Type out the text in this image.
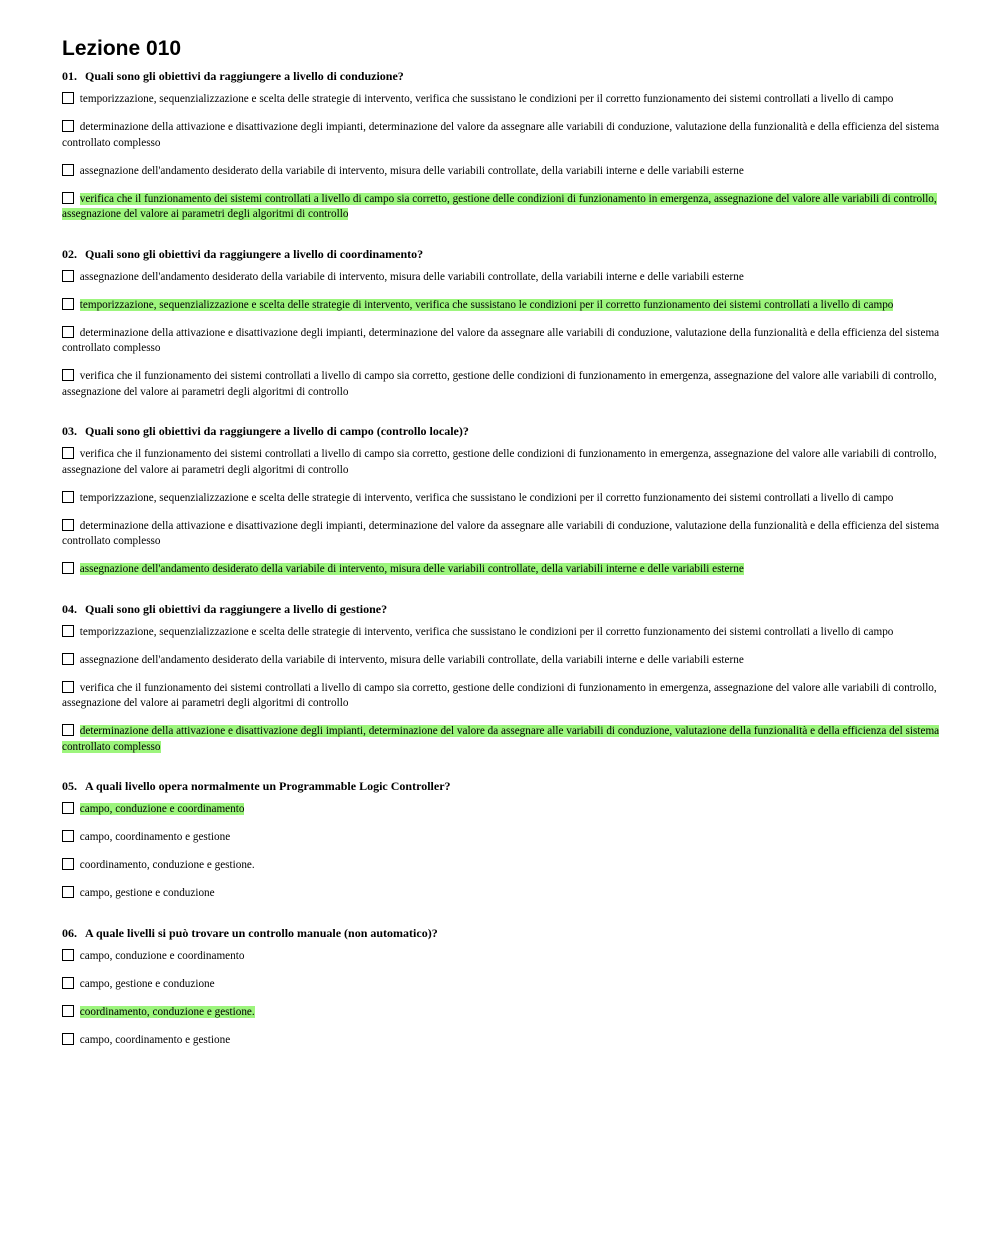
Lezione 010
01. Quali sono gli obiettivi da raggiungere a livello di conduzione?
temporizzazione, sequenzializzazione e scelta delle strategie di intervento, verifica che sussistano le condizioni per il corretto funzionamento dei sistemi controllati a livello di campo
determinazione della attivazione e disattivazione degli impianti, determinazione del valore da assegnare alle variabili di conduzione, valutazione della funzionalità e della efficienza del sistema controllato complesso
assegnazione dell'andamento desiderato della variabile di intervento, misura delle variabili controllate, della variabili interne e delle variabili esterne
verifica che il funzionamento dei sistemi controllati a livello di campo sia corretto, gestione delle condizioni di funzionamento in emergenza, assegnazione del valore alle variabili di controllo, assegnazione del valore ai parametri degli algoritmi di controllo
02. Quali sono gli obiettivi da raggiungere a livello di coordinamento?
assegnazione dell'andamento desiderato della variabile di intervento, misura delle variabili controllate, della variabili interne e delle variabili esterne
temporizzazione, sequenzializzazione e scelta delle strategie di intervento, verifica che sussistano le condizioni per il corretto funzionamento dei sistemi controllati a livello di campo
determinazione della attivazione e disattivazione degli impianti, determinazione del valore da assegnare alle variabili di conduzione, valutazione della funzionalità e della efficienza del sistema controllato complesso
verifica che il funzionamento dei sistemi controllati a livello di campo sia corretto, gestione delle condizioni di funzionamento in emergenza, assegnazione del valore alle variabili di controllo, assegnazione del valore ai parametri degli algoritmi di controllo
03. Quali sono gli obiettivi da raggiungere a livello di campo (controllo locale)?
verifica che il funzionamento dei sistemi controllati a livello di campo sia corretto, gestione delle condizioni di funzionamento in emergenza, assegnazione del valore alle variabili di controllo, assegnazione del valore ai parametri degli algoritmi di controllo
temporizzazione, sequenzializzazione e scelta delle strategie di intervento, verifica che sussistano le condizioni per il corretto funzionamento dei sistemi controllati a livello di campo
determinazione della attivazione e disattivazione degli impianti, determinazione del valore da assegnare alle variabili di conduzione, valutazione della funzionalità e della efficienza del sistema controllato complesso
assegnazione dell'andamento desiderato della variabile di intervento, misura delle variabili controllate, della variabili interne e delle variabili esterne
04. Quali sono gli obiettivi da raggiungere a livello di gestione?
temporizzazione, sequenzializzazione e scelta delle strategie di intervento, verifica che sussistano le condizioni per il corretto funzionamento dei sistemi controllati a livello di campo
assegnazione dell'andamento desiderato della variabile di intervento, misura delle variabili controllate, della variabili interne e delle variabili esterne
verifica che il funzionamento dei sistemi controllati a livello di campo sia corretto, gestione delle condizioni di funzionamento in emergenza, assegnazione del valore alle variabili di controllo, assegnazione del valore ai parametri degli algoritmi di controllo
determinazione della attivazione e disattivazione degli impianti, determinazione del valore da assegnare alle variabili di conduzione, valutazione della funzionalità e della efficienza del sistema controllato complesso
05. A quali livello opera normalmente un Programmable Logic Controller?
campo, conduzione e coordinamento
campo, coordinamento e gestione
coordinamento, conduzione e gestione.
campo, gestione e conduzione
06. A quale livelli si può trovare un controllo manuale (non automatico)?
campo, conduzione e coordinamento
campo, gestione e conduzione
coordinamento, conduzione e gestione.
campo, coordinamento e gestione
